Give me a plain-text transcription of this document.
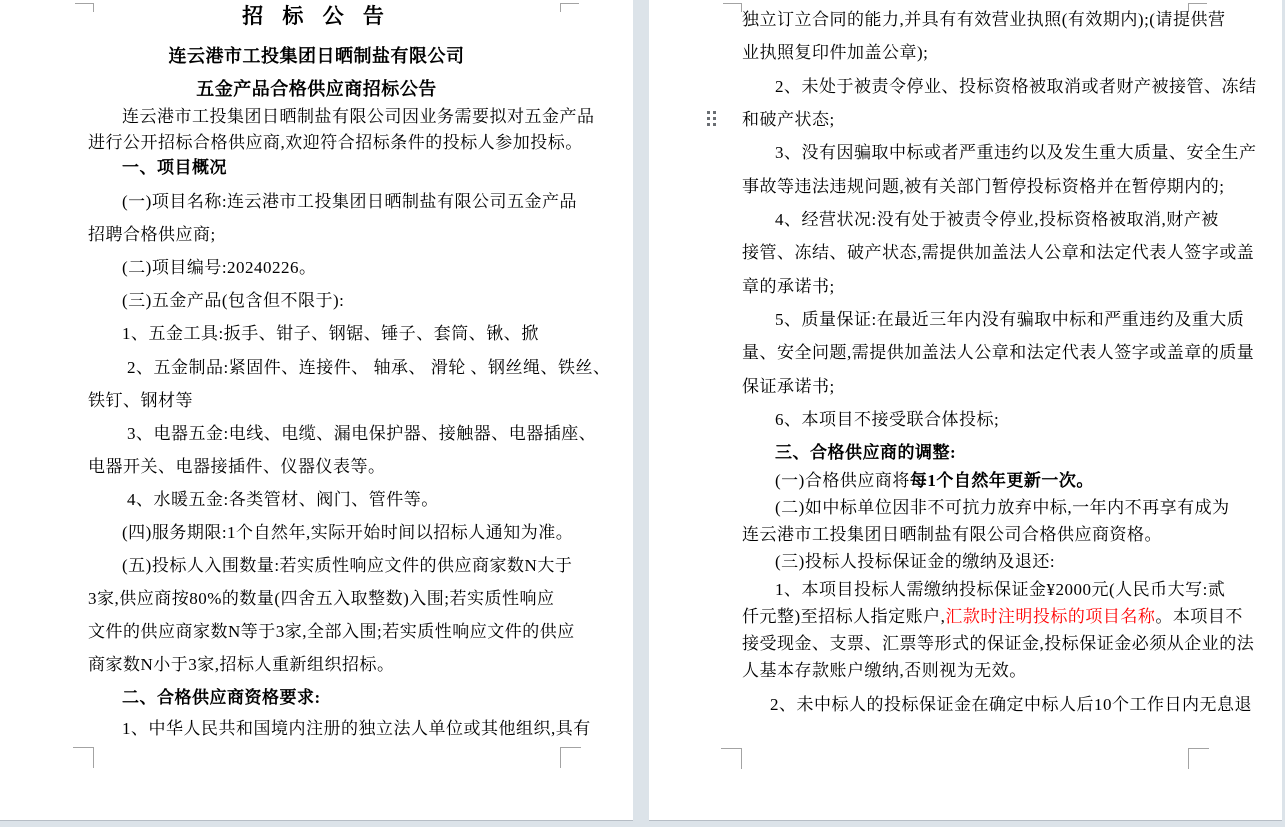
招 标 公 告
连云港市工投集团日晒制盐有限公司
五金产品合格供应商招标公告
连云港市工投集团日晒制盐有限公司因业务需要拟对五金产品
进行公开招标合格供应商,欢迎符合招标条件的投标人参加投标。
一、项目概况
(一)项目名称:连云港市工投集团日晒制盐有限公司五金产品
招聘合格供应商;
(二)项目编号:20240226。
(三)五金产品(包含但不限于):
1、五金工具:扳手、钳子、钢锯、锤子、套筒、锹、掀
2、五金制品:紧固件、连接件、 轴承、 滑轮 、钢丝绳、铁丝、
铁钉、钢材等
3、电器五金:电线、电缆、漏电保护器、接触器、电器插座、
电器开关、电器接插件、仪器仪表等。
4、水暖五金:各类管材、阀门、管件等。
(四)服务期限:1个自然年,实际开始时间以招标人通知为准。
(五)投标人入围数量:若实质性响应文件的供应商家数N大于
3家,供应商按80%的数量(四舍五入取整数)入围;若实质性响应
文件的供应商家数N等于3家,全部入围;若实质性响应文件的供应
商家数N小于3家,招标人重新组织招标。
二、合格供应商资格要求:
1、中华人民共和国境内注册的独立法人单位或其他组织,具有
独立订立合同的能力,并具有有效营业执照(有效期内);(请提供营
业执照复印件加盖公章);
2、未处于被责令停业、投标资格被取消或者财产被接管、冻结
和破产状态;
3、没有因骗取中标或者严重违约以及发生重大质量、安全生产
事故等违法违规问题,被有关部门暂停投标资格并在暂停期内的;
4、经营状况:没有处于被责令停业,投标资格被取消,财产被
接管、冻结、破产状态,需提供加盖法人公章和法定代表人签字或盖
章的承诺书;
5、质量保证:在最近三年内没有骗取中标和严重违约及重大质
量、安全问题,需提供加盖法人公章和法定代表人签字或盖章的质量
保证承诺书;
6、本项目不接受联合体投标;
三、合格供应商的调整:
(一)合格供应商将每1个自然年更新一次。
(二)如中标单位因非不可抗力放弃中标,一年内不再享有成为
连云港市工投集团日晒制盐有限公司合格供应商资格。
(三)投标人投标保证金的缴纳及退还:
1、本项目投标人需缴纳投标保证金¥2000元(人民币大写:贰
仟元整)至招标人指定账户,汇款时注明投标的项目名称。本项目不
接受现金、支票、汇票等形式的保证金,投标保证金必须从企业的法
人基本存款账户缴纳,否则视为无效。
2、未中标人的投标保证金在确定中标人后10个工作日内无息退
